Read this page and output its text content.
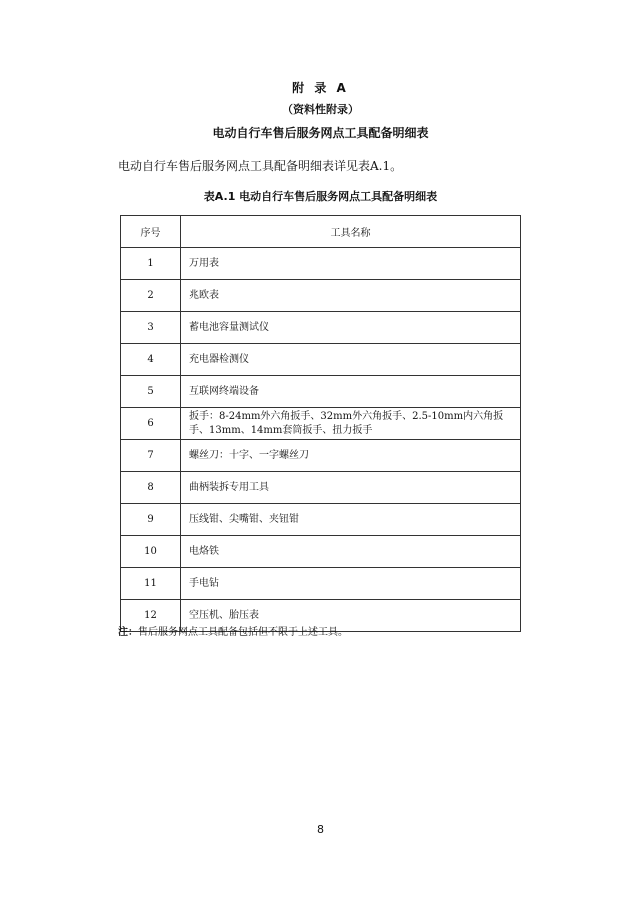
附 录 A
（资料性附录）
电动自行车售后服务网点工具配备明细表
电动自行车售后服务网点工具配备明细表详见表A.1。
表A.1 电动自行车售后服务网点工具配备明细表
序号	工具名称
1	万用表
2	兆欧表
3	蓄电池容量测试仪
4	充电器检测仪
5	互联网终端设备
6	扳手：8-24mm外六角扳手、32mm外六角扳手、2.5-10mm内六角扳手、13mm、14mm套筒扳手、扭力扳手
7	螺丝刀：十字、一字螺丝刀
8	曲柄装拆专用工具
9	压线钳、尖嘴钳、夹钮钳
10	电烙铁
11	手电钻
12	空压机、胎压表
注：售后服务网点工具配备包括但不限于上述工具。
8
